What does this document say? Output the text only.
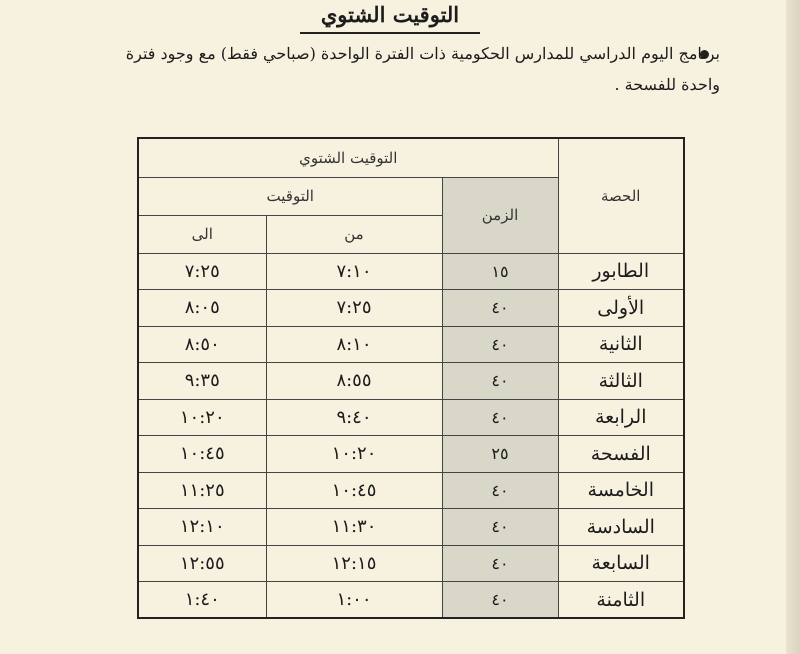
التوقيت الشتوي
برنامج اليوم الدراسي للمدارس الحكومية ذات الفترة الواحدة (صباحي فقط) مع وجود فترة واحدة للفسحة .
الحصة	التوقيت الشتوي		
	الزمن	التوقيت	
		من	الى
الطابور	١٥	٧:١٠	٧:٢٥
الأولى	٤٠	٧:٢٥	٨:٠٥
الثانية	٤٠	٨:١٠	٨:٥٠
الثالثة	٤٠	٨:٥٥	٩:٣٥
الرابعة	٤٠	٩:٤٠	١٠:٢٠
الفسحة	٢٥	١٠:٢٠	١٠:٤٥
الخامسة	٤٠	١٠:٤٥	١١:٢٥
السادسة	٤٠	١١:٣٠	١٢:١٠
السابعة	٤٠	١٢:١٥	١٢:٥٥
الثامنة	٤٠	١:٠٠	١:٤٠
